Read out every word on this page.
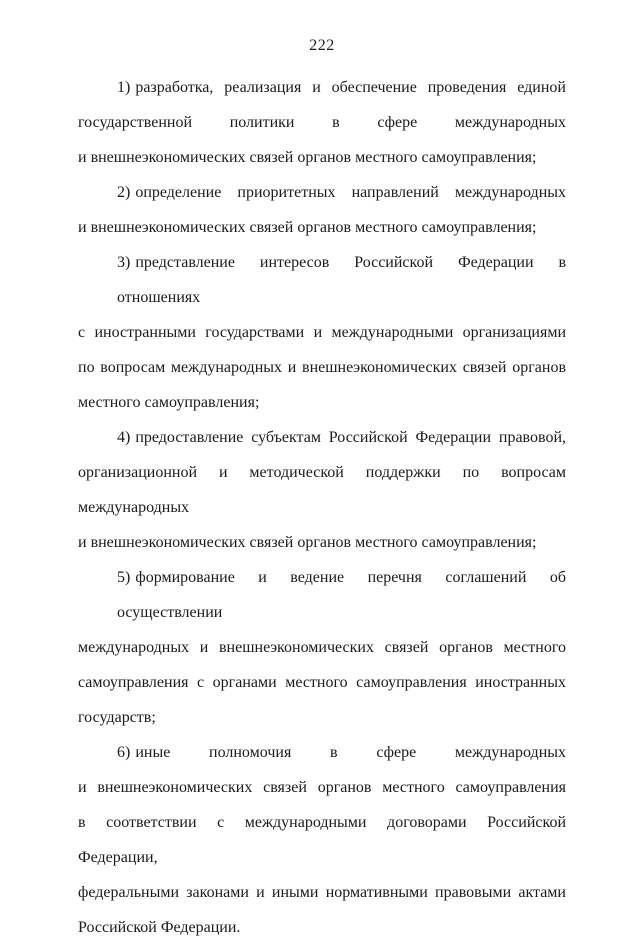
222
1) разработка, реализация и обеспечение проведения единой
государственной политики в сфере международных
и внешнеэкономических связей органов местного самоуправления;
2) определение приоритетных направлений международных
и внешнеэкономических связей органов местного самоуправления;
3) представление интересов Российской Федерации в отношениях
с иностранными государствами и международными организациями
по вопросам международных и внешнеэкономических связей органов
местного самоуправления;
4) предоставление субъектам Российской Федерации правовой,
организационной и методической поддержки по вопросам международных
и внешнеэкономических связей органов местного самоуправления;
5) формирование и ведение перечня соглашений об осуществлении
международных и внешнеэкономических связей органов местного
самоуправления с органами местного самоуправления иностранных
государств;
6) иные полномочия в сфере международных
и внешнеэкономических связей органов местного самоуправления
в соответствии с международными договорами Российской Федерации,
федеральными законами и иными нормативными правовыми актами
Российской Федерации.
